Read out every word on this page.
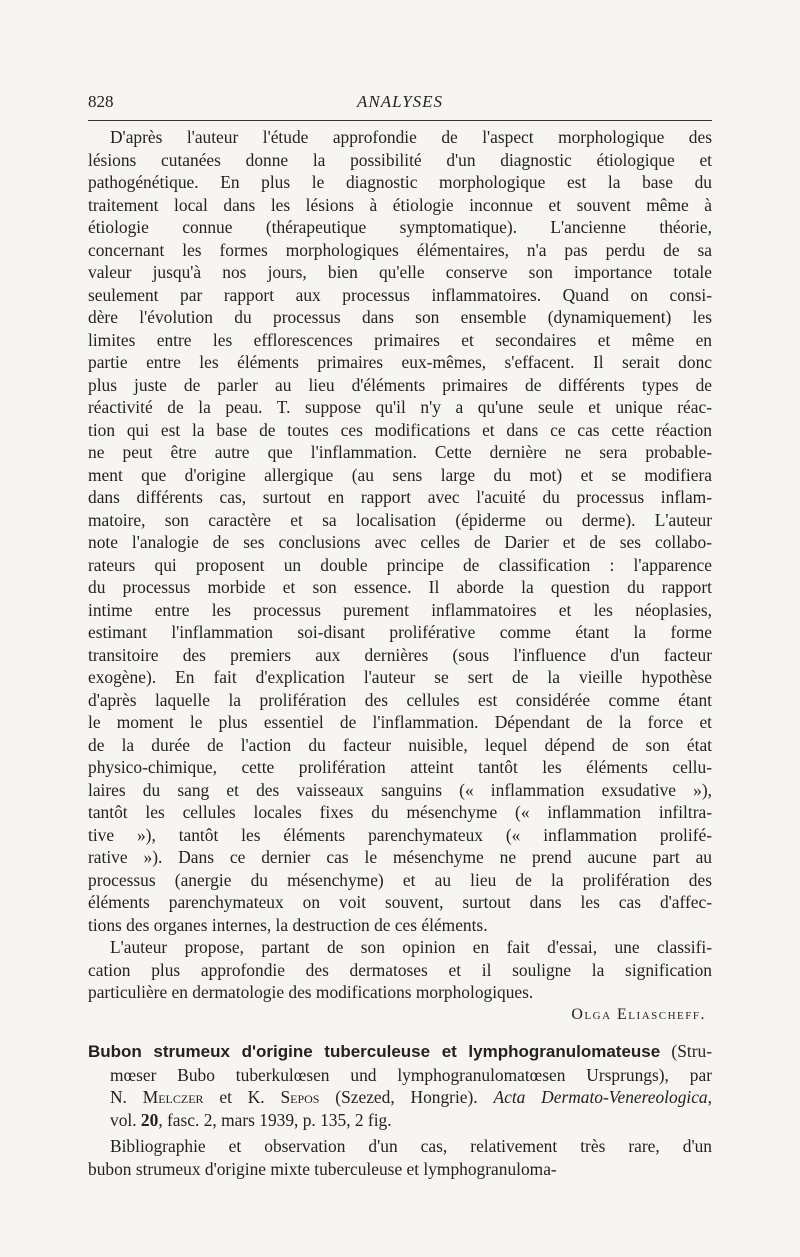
828	ANALYSES
D'après l'auteur l'étude approfondie de l'aspect morphologique des
lésions cutanées donne la possibilité d'un diagnostic étiologique et
pathogénétique. En plus le diagnostic morphologique est la base du
traitement local dans les lésions à étiologie inconnue et souvent même à
étiologie connue (thérapeutique symptomatique). L'ancienne théorie,
concernant les formes morphologiques élémentaires, n'a pas perdu de sa
valeur jusqu'à nos jours, bien qu'elle conserve son importance totale
seulement par rapport aux processus inflammatoires. Quand on consi-
dère l'évolution du processus dans son ensemble (dynamiquement) les
limites entre les efflorescences primaires et secondaires et même en
partie entre les éléments primaires eux-mêmes, s'effacent. Il serait donc
plus juste de parler au lieu d'éléments primaires de différents types de
réactivité de la peau. T. suppose qu'il n'y a qu'une seule et unique réac-
tion qui est la base de toutes ces modifications et dans ce cas cette réaction
ne peut être autre que l'inflammation. Cette dernière ne sera probable-
ment que d'origine allergique (au sens large du mot) et se modifiera
dans différents cas, surtout en rapport avec l'acuité du processus inflam-
matoire, son caractère et sa localisation (épiderme ou derme). L'auteur
note l'analogie de ses conclusions avec celles de Darier et de ses collabo-
rateurs qui proposent un double principe de classification : l'apparence
du processus morbide et son essence. Il aborde la question du rapport
intime entre les processus purement inflammatoires et les néoplasies,
estimant l'inflammation soi-disant proliférative comme étant la forme
transitoire des premiers aux dernières (sous l'influence d'un facteur
exogène). En fait d'explication l'auteur se sert de la vieille hypothèse
d'après laquelle la prolifération des cellules est considérée comme étant
le moment le plus essentiel de l'inflammation. Dépendant de la force et
de la durée de l'action du facteur nuisible, lequel dépend de son état
physico-chimique, cette prolifération atteint tantôt les éléments cellu-
laires du sang et des vaisseaux sanguins (« inflammation exsudative »),
tantôt les cellules locales fixes du mésenchyme (« inflammation infiltra-
tive »), tantôt les éléments parenchymateux (« inflammation prolifé-
rative »). Dans ce dernier cas le mésenchyme ne prend aucune part au
processus (anergie du mésenchyme) et au lieu de la prolifération des
éléments parenchymateux on voit souvent, surtout dans les cas d'affec-
tions des organes internes, la destruction de ces éléments.
L'auteur propose, partant de son opinion en fait d'essai, une classifi-
cation plus approfondie des dermatoses et il souligne la signification
particulière en dermatologie des modifications morphologiques.
Olga Eliascheff.
Bubon strumeux d'origine tuberculeuse et lymphogranulomateuse (Stru-
mœser Bubo tuberkulœsen und lymphogranulomatœsen Ursprungs), par
N. Melczer et K. Sepos (Szezed, Hongrie). Acta Dermato-Venereologica,
vol. 20, fasc. 2, mars 1939, p. 135, 2 fig.
Bibliographie et observation d'un cas, relativement très rare, d'un
bubon strumeux d'origine mixte tuberculeuse et lymphogranuloma-
